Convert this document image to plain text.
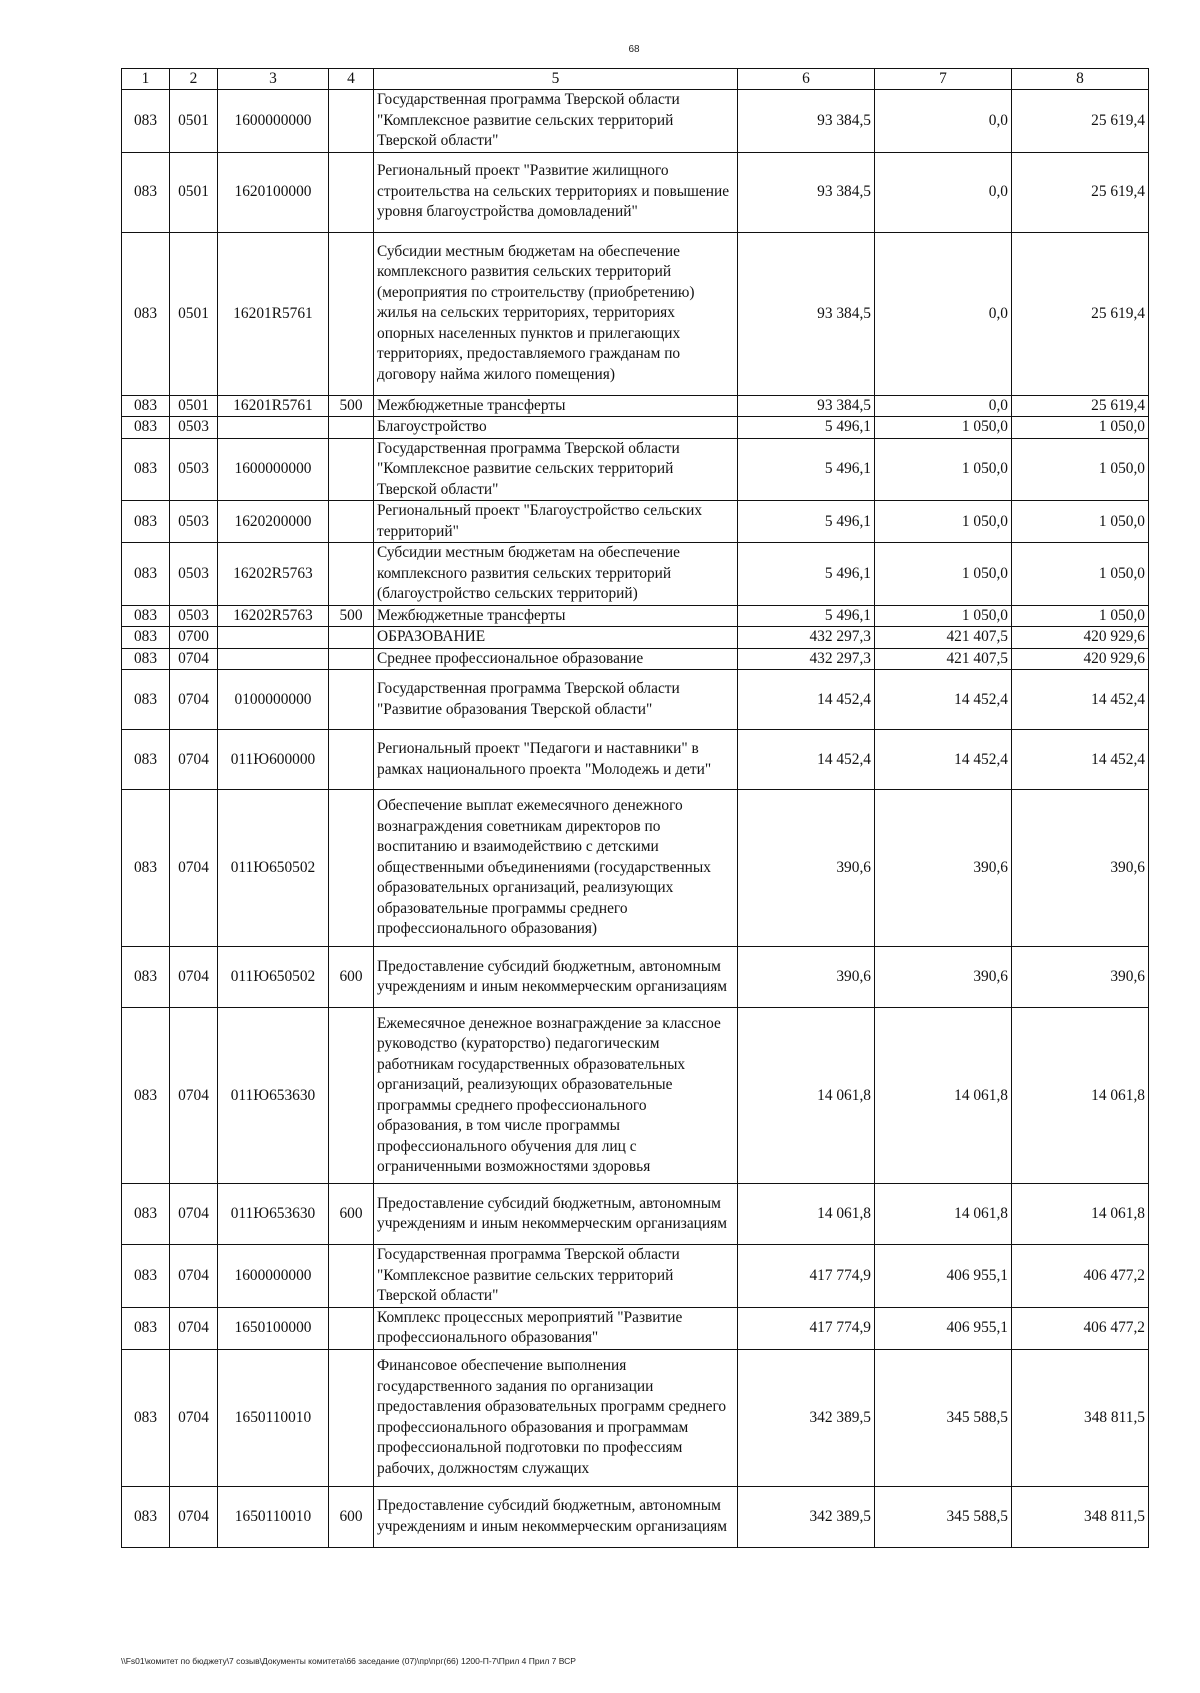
68
1	2	3	4	5	6	7	8
083	0501	1600000000		Государственная программа Тверской области "Комплексное развитие сельских территорий Тверской области"	93 384,5	0,0	25 619,4
083	0501	1620100000		Региональный проект "Развитие жилищного строительства на сельских территориях и повышение уровня благоустройства домовладений"	93 384,5	0,0	25 619,4
083	0501	16201R5761		Субсидии местным бюджетам на обеспечение комплексного развития сельских территорий (мероприятия по строительству (приобретению) жилья на сельских территориях, территориях опорных населенных пунктов и прилегающих территориях, предоставляемого гражданам по договору найма жилого помещения)	93 384,5	0,0	25 619,4
083	0501	16201R5761	500	Межбюджетные трансферты	93 384,5	0,0	25 619,4
083	0503			Благоустройство	5 496,1	1 050,0	1 050,0
083	0503	1600000000		Государственная программа Тверской области "Комплексное развитие сельских территорий Тверской области"	5 496,1	1 050,0	1 050,0
083	0503	1620200000		Региональный проект "Благоустройство сельских территорий"	5 496,1	1 050,0	1 050,0
083	0503	16202R5763		Субсидии местным бюджетам на обеспечение комплексного развития сельских территорий (благоустройство сельских территорий)	5 496,1	1 050,0	1 050,0
083	0503	16202R5763	500	Межбюджетные трансферты	5 496,1	1 050,0	1 050,0
083	0700			ОБРАЗОВАНИЕ	432 297,3	421 407,5	420 929,6
083	0704			Среднее профессиональное образование	432 297,3	421 407,5	420 929,6
083	0704	0100000000		Государственная программа Тверской области "Развитие образования Тверской области"	14 452,4	14 452,4	14 452,4
083	0704	011Ю600000		Региональный проект "Педагоги и наставники" в рамках национального проекта "Молодежь и дети"	14 452,4	14 452,4	14 452,4
083	0704	011Ю650502		Обеспечение выплат ежемесячного денежного вознаграждения советникам директоров по воспитанию и взаимодействию с детскими общественными объединениями (государственных образовательных организаций, реализующих образовательные программы среднего профессионального образования)	390,6	390,6	390,6
083	0704	011Ю650502	600	Предоставление субсидий бюджетным, автономным учреждениям и иным некоммерческим организациям	390,6	390,6	390,6
083	0704	011Ю653630		Ежемесячное денежное вознаграждение за классное руководство (кураторство) педагогическим работникам государственных образовательных организаций, реализующих образовательные программы среднего профессионального образования, в том числе программы профессионального обучения для лиц с ограниченными возможностями здоровья	14 061,8	14 061,8	14 061,8
083	0704	011Ю653630	600	Предоставление субсидий бюджетным, автономным учреждениям и иным некоммерческим организациям	14 061,8	14 061,8	14 061,8
083	0704	1600000000		Государственная программа Тверской области "Комплексное развитие сельских территорий Тверской области"	417 774,9	406 955,1	406 477,2
083	0704	1650100000		Комплекс процессных мероприятий "Развитие профессионального образования"	417 774,9	406 955,1	406 477,2
083	0704	1650110010		Финансовое обеспечение выполнения государственного задания по организации предоставления образовательных программ среднего профессионального образования и программам профессиональной подготовки по профессиям рабочих, должностям служащих	342 389,5	345 588,5	348 811,5
083	0704	1650110010	600	Предоставление субсидий бюджетным, автономным учреждениям и иным некоммерческим организациям	342 389,5	345 588,5	348 811,5
\\Fs01\комитет по бюджету\7 созыв\Документы комитета\66 заседание (07)\пр\прг(66) 1200-П-7\Прил 4 Прил 7 ВСР
